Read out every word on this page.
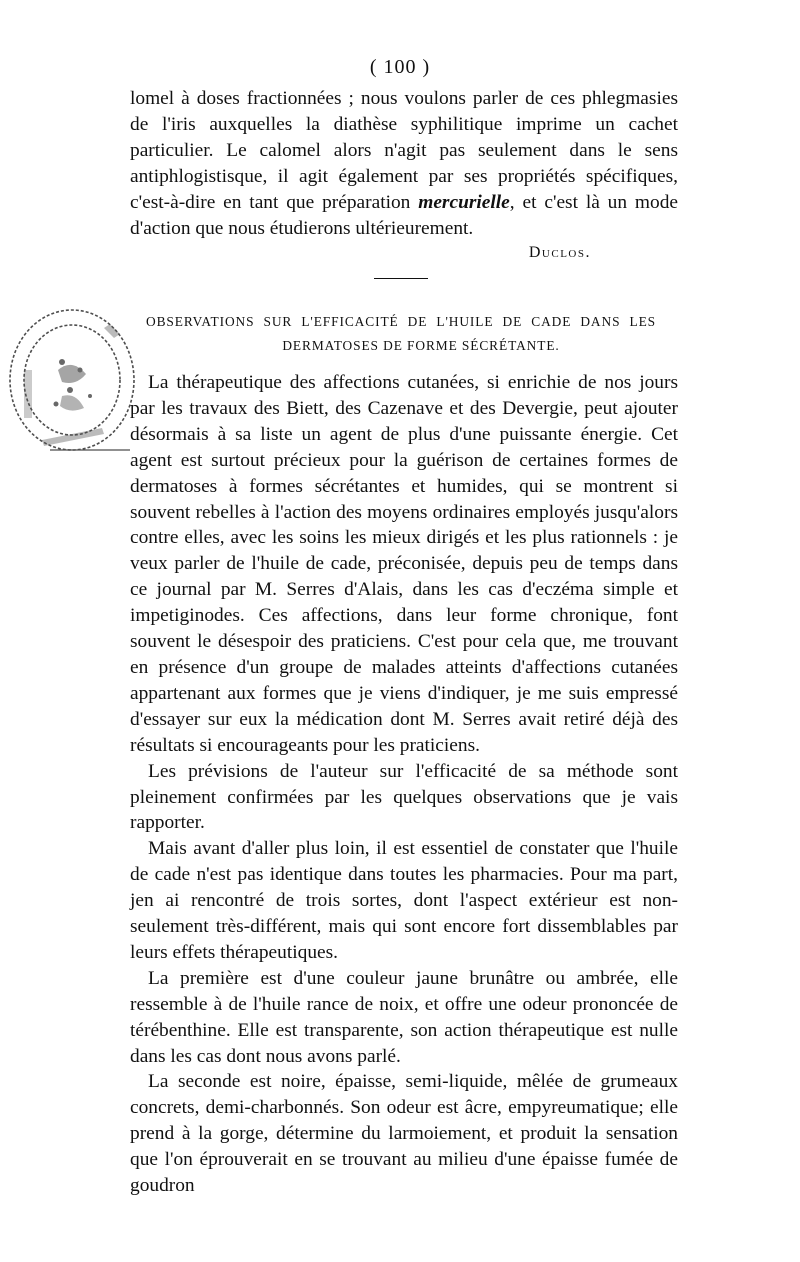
( 100 )

lomel à doses fractionnées ; nous voulons parler de ces phlegmasies de l'iris auxquelles la diathèse syphilitique imprime un cachet particulier. Le calomel alors n'agit pas seulement dans le sens antiphlogistisque, il agit également par ses propriétés spécifiques, c'est-à-dire en tant que préparation mercurielle, et c'est là un mode d'action que nous étudierons ultérieurement.

Duclos.
OBSERVATIONS SUR L'EFFICACITÉ DE L'HUILE DE CADE DANS LES
DERMATOSES DE FORME SÉCRÉTANTE.

La thérapeutique des affections cutanées, si enrichie de nos jours par les travaux des Biett, des Cazenave et des Devergie, peut ajouter désormais à sa liste un agent de plus d'une puissante énergie. Cet agent est surtout précieux pour la guérison de certaines formes de dermatoses à formes sécrétantes et humides, qui se montrent si souvent rebelles à l'action des moyens ordinaires employés jusqu'alors contre elles, avec les soins les mieux dirigés et les plus rationnels : je veux parler de l'huile de cade, préconisée, depuis peu de temps dans ce journal par M. Serres d'Alais, dans les cas d'eczéma simple et impetiginodes. Ces affections, dans leur forme chronique, font souvent le désespoir des praticiens. C'est pour cela que, me trouvant en présence d'un groupe de malades atteints d'affections cutanées appartenant aux formes que je viens d'indiquer, je me suis empressé d'essayer sur eux la médication dont M. Serres avait retiré déjà des résultats si encourageants pour les praticiens.

Les prévisions de l'auteur sur l'efficacité de sa méthode sont pleinement confirmées par les quelques observations que je vais rapporter.

Mais avant d'aller plus loin, il est essentiel de constater que l'huile de cade n'est pas identique dans toutes les pharmacies. Pour ma part, jen ai rencontré de trois sortes, dont l'aspect extérieur est non-seulement très-différent, mais qui sont encore fort dissemblables par leurs effets thérapeutiques.

La première est d'une couleur jaune brunâtre ou ambrée, elle ressemble à de l'huile rance de noix, et offre une odeur prononcée de térébenthine. Elle est transparente, son action thérapeutique est nulle dans les cas dont nous avons parlé.

La seconde est noire, épaisse, semi-liquide, mêlée de grumeaux concrets, demi-charbonnés. Son odeur est âcre, empyreumatique; elle prend à la gorge, détermine du larmoiement, et produit la sensation que l'on éprouverait en se trouvant au milieu d'une épaisse fumée de goudron
